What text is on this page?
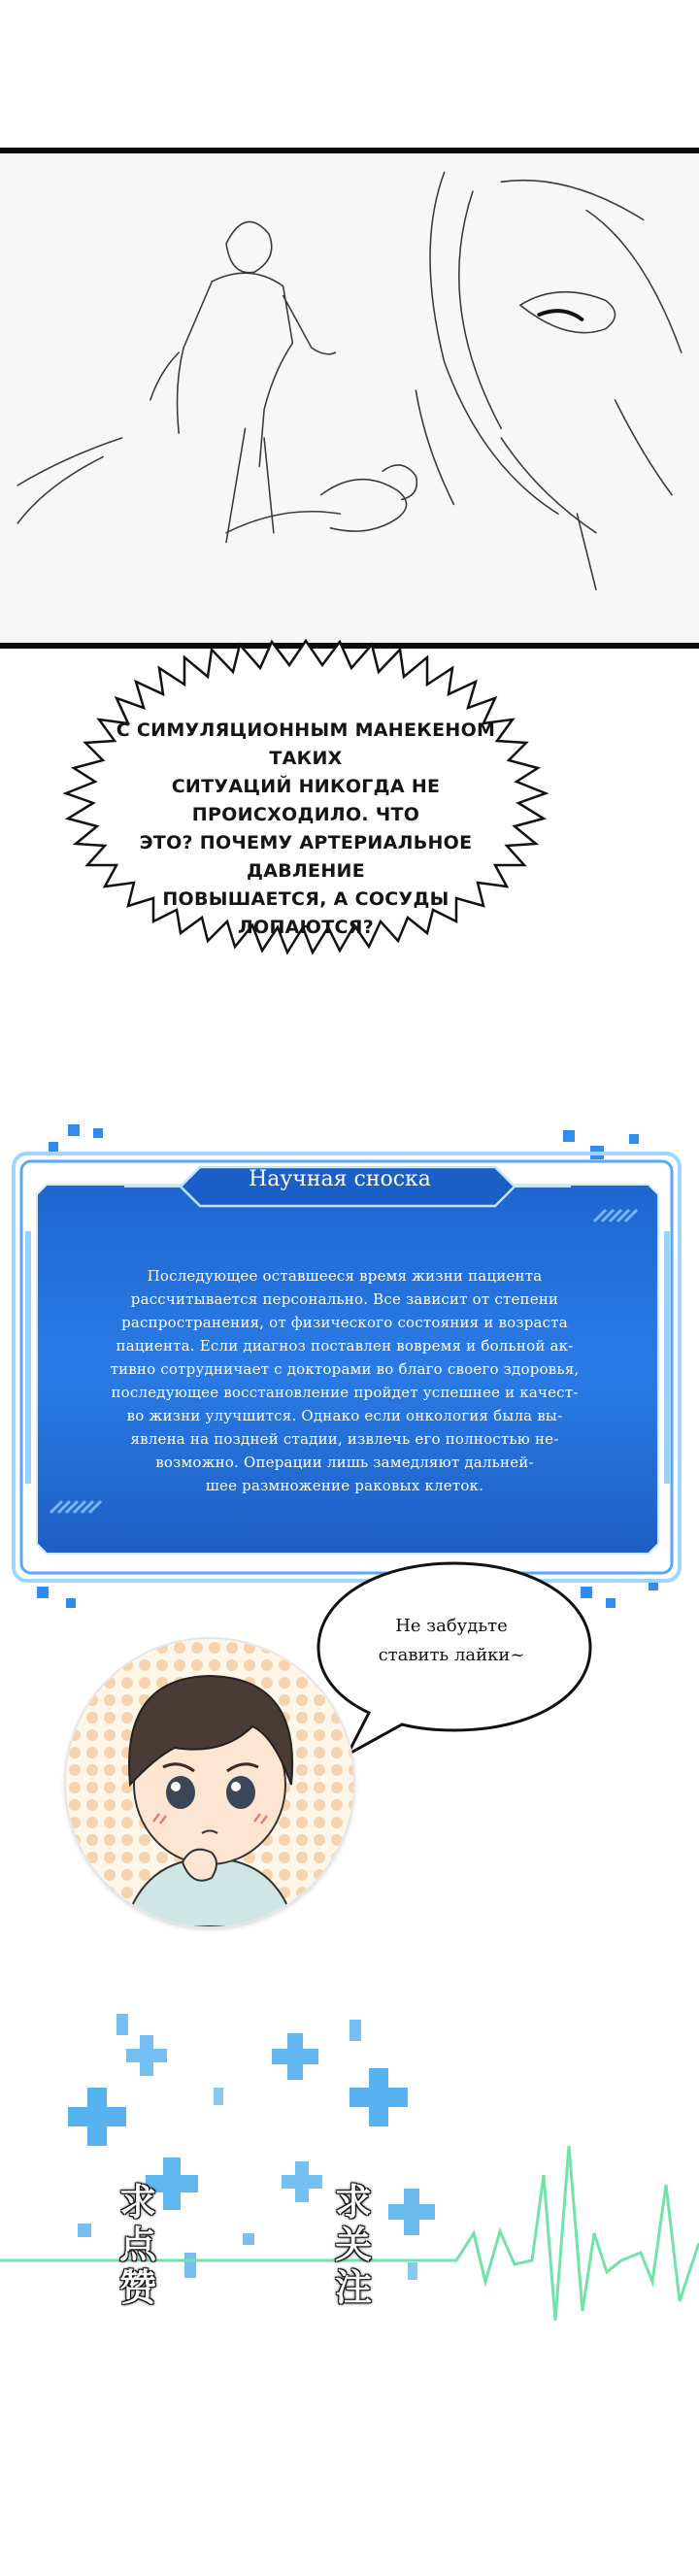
С СИМУЛЯЦИОННЫМ МАНЕКЕНОМ ТАКИХ
СИТУАЦИЙ НИКОГДА НЕ ПРОИСХОДИЛО. ЧТО
ЭТО? ПОЧЕМУ АРТЕРИАЛЬНОЕ ДАВЛЕНИЕ
ПОВЫШАЕТСЯ, А СОСУДЫ ЛОПАЮТСЯ?
Научная сноска
Последующее оставшееся время жизни пациента
рассчитывается персонально. Все зависит от степени
распространения, от физического состояния и возраста
пациента. Если диагноз поставлен вовремя и больной ак-
тивно сотрудничает с докторами во благо своего здоровья,
последующее восстановление пройдет успешнее и качест-
во жизни улучшится. Однако если онкология была вы-
явлена на поздней стадии, извлечь его полностью не-
возможно. Операции лишь замедляют дальней-
шее размножение раковых клеток.
Не забудьте
ставить лайки~
求
点
赞
求
关
注
